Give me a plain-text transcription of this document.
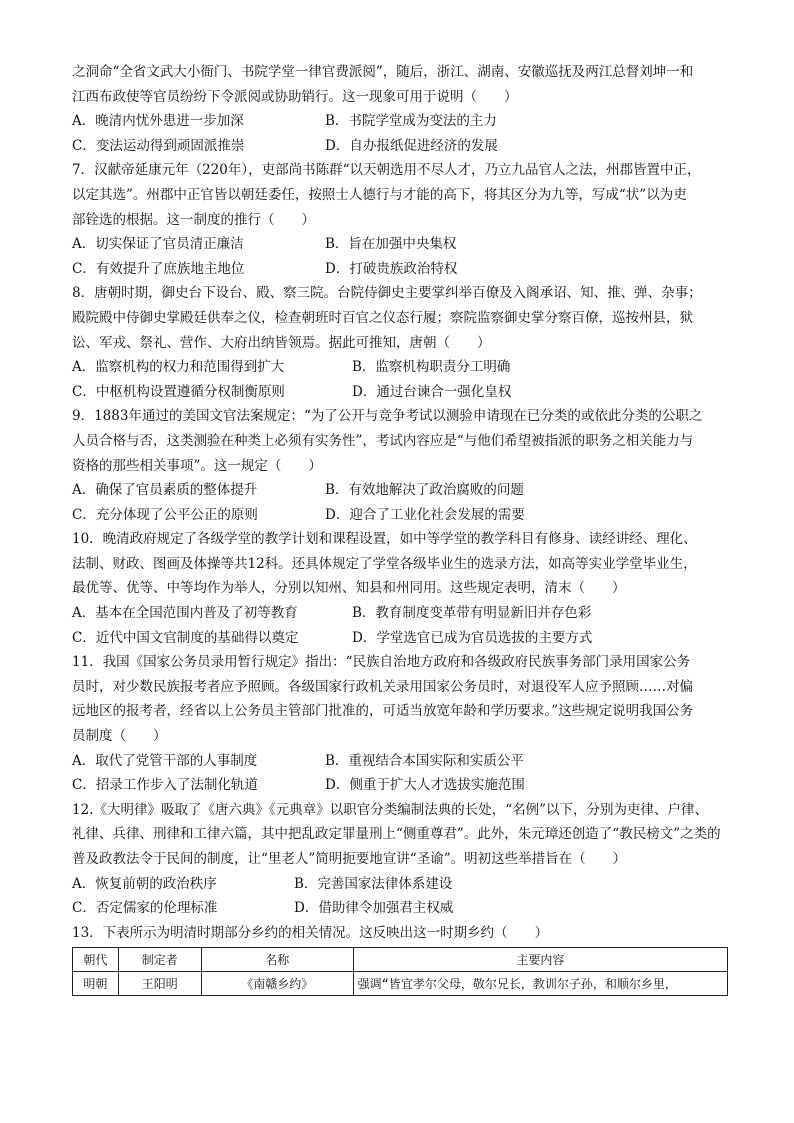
之洞命“全省文武大小衙门、书院学堂一律官费派阅”，随后，浙江、湖南、安徽巡抚及两江总督刘坤一和
江西布政使等官员纷纷下令派阅或协助销行。这一现象可用于说明（　　）
A．晚清内忧外患进一步加深	B．书院学堂成为变法的主力
C．变法运动得到顽固派推崇	D．自办报纸促进经济的发展
7．汉献帝延康元年（220年），吏部尚书陈群“以天朝选用不尽人才，乃立九品官人之法，州郡皆置中正，
以定其选”。州郡中正官皆以朝廷委任，按照士人德行与才能的高下，将其区分为九等，写成“状”以为吏
部铨选的根据。这一制度的推行（　　）
A．切实保证了官员清正廉洁	B．旨在加强中央集权
C．有效提升了庶族地主地位	D．打破贵族政治特权
8．唐朝时期，御史台下设台、殿、察三院。台院侍御史主要掌纠举百僚及入阁承诏、知、推、弹、杂事；
殿院殿中侍御史掌殿廷供奉之仪，检查朝班时百官之仪态行履；察院监察御史掌分察百僚，巡按州县，狱
讼、军戎、祭礼、营作、大府出纳皆领焉。据此可推知，唐朝（　　）
A．监察机构的权力和范围得到扩大	B．监察机构职责分工明确
C．中枢机构设置遵循分权制衡原则	D．通过台谏合一强化皇权
9．1883年通过的美国文官法案规定：“为了公开与竞争考试以测验申请现在已分类的或依此分类的公职之
人员合格与否，这类测验在种类上必须有实务性”，考试内容应是“与他们希望被指派的职务之相关能力与
资格的那些相关事项”。这一规定（　　）
A．确保了官员素质的整体提升	B．有效地解决了政治腐败的问题
C．充分体现了公平公正的原则	D．迎合了工业化社会发展的需要
10．晚清政府规定了各级学堂的教学计划和课程设置，如中等学堂的教学科目有修身、读经讲经、理化、
法制、财政、图画及体操等共12科。还具体规定了学堂各级毕业生的选录方法，如高等实业学堂毕业生，
最优等、优等、中等均作为举人，分别以知州、知县和州同用。这些规定表明，清末（　　）
A．基本在全国范围内普及了初等教育	B．教育制度变革带有明显新旧并存色彩
C．近代中国文官制度的基础得以奠定	D．学堂选官已成为官员选拔的主要方式
11．我国《国家公务员录用暂行规定》指出：“民族自治地方政府和各级政府民族事务部门录用国家公务
员时，对少数民族报考者应予照顾。各级国家行政机关录用国家公务员时，对退役军人应予照顾……对偏
远地区的报考者，经省以上公务员主管部门批准的，可适当放宽年龄和学历要求。”这些规定说明我国公务
员制度（　　）
A．取代了党管干部的人事制度	B．重视结合本国实际和实质公平
C．招录工作步入了法制化轨道	D．侧重于扩大人才选拔实施范围
12.《大明律》吸取了《唐六典》《元典章》以职官分类编制法典的长处，“名例”以下，分别为吏律、户律、
礼律、兵律、刑律和工律六篇，其中把乱政定罪量刑上“侧重尊君”。此外，朱元璋还创造了“教民榜文”之类的
普及政教法令于民间的制度，让“里老人”简明扼要地宣讲“圣谕”。明初这些举措旨在（　　）
A．恢复前朝的政治秩序	B．完善国家法律体系建设
C．否定儒家的伦理标准	D．借助律令加强君主权威
13．下表所示为明清时期部分乡约的相关情况。这反映出这一时期乡约（　　）
朝代	制定者	名称	主要内容
明朝	王阳明	《南赣乡约》	强调“皆宜孝尔父母，敬尔兄长，教训尔子孙，和顺尔乡里，
